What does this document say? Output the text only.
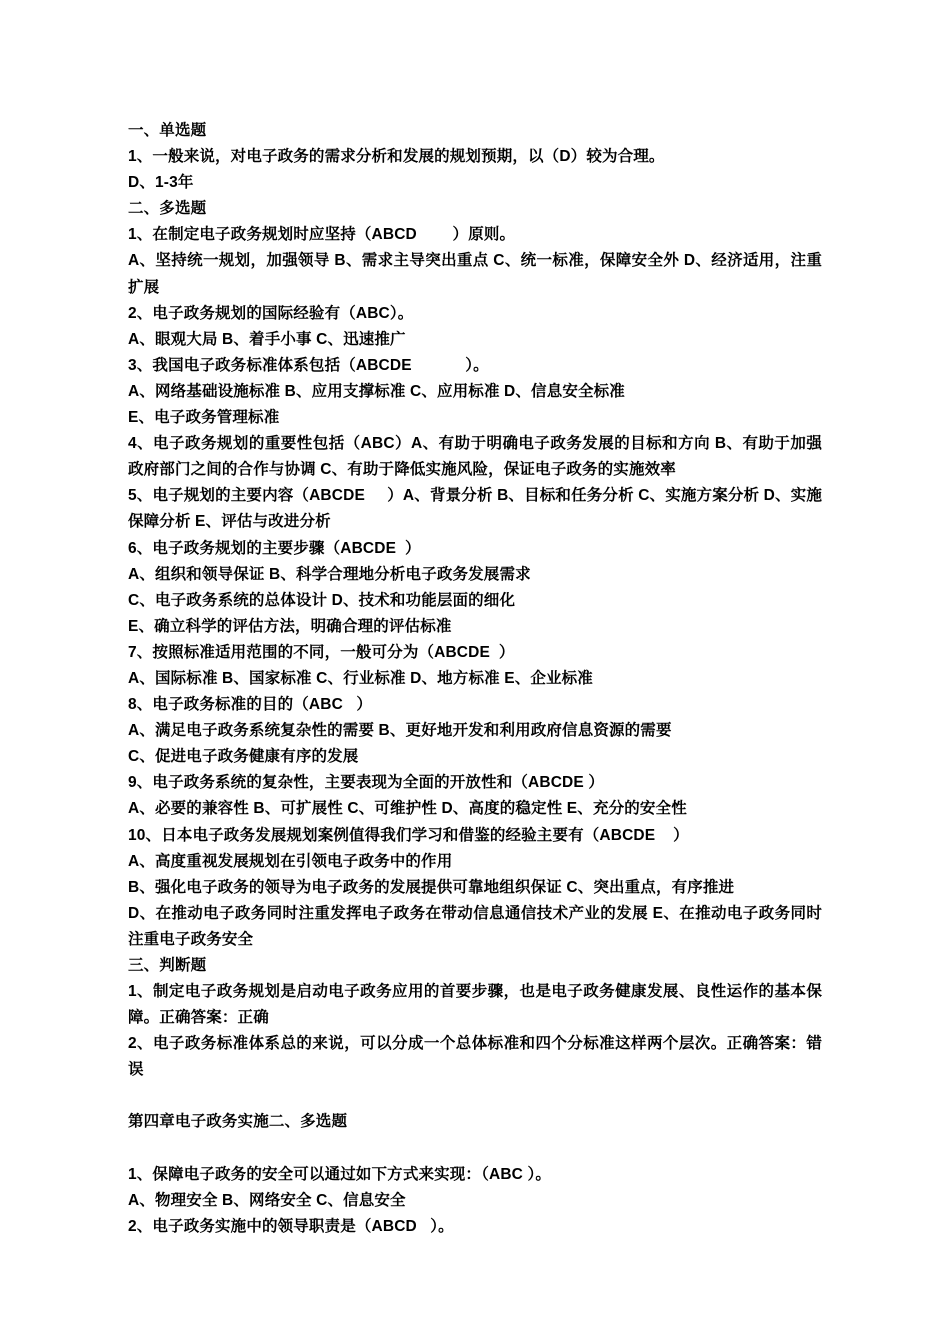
一、单选题
1、一般来说，对电子政务的需求分析和发展的规划预期，以（D）较为合理。
D、1-3年
二、多选题
1、在制定电子政务规划时应坚持（ABCD        ）原则。
A、坚持统一规划，加强领导 B、需求主导突出重点 C、统一标准，保障安全外 D、经济适用，注重扩展
2、电子政务规划的国际经验有（ABC）。
A、眼观大局 B、着手小事 C、迅速推广
3、我国电子政务标准体系包括（ABCDE            ）。
A、网络基础设施标准 B、应用支撑标准 C、应用标准 D、信息安全标准
E、电子政务管理标准
4、电子政务规划的重要性包括（ABC）A、有助于明确电子政务发展的目标和方向 B、有助于加强政府部门之间的合作与协调 C、有助于降低实施风险，保证电子政务的实施效率
5、电子规划的主要内容（ABCDE     ）A、背景分析 B、目标和任务分析 C、实施方案分析 D、实施保障分析 E、评估与改进分析
6、电子政务规划的主要步骤（ABCDE  ）
A、组织和领导保证 B、科学合理地分析电子政务发展需求
C、电子政务系统的总体设计 D、技术和功能层面的细化
E、确立科学的评估方法，明确合理的评估标准
7、按照标准适用范围的不同，一般可分为（ABCDE  ）
A、国际标准 B、国家标准 C、行业标准 D、地方标准 E、企业标准
8、电子政务标准的目的（ABC   ）
A、满足电子政务系统复杂性的需要 B、更好地开发和利用政府信息资源的需要
C、促进电子政务健康有序的发展
9、电子政务系统的复杂性，主要表现为全面的开放性和（ABCDE ）
A、必要的兼容性 B、可扩展性 C、可维护性 D、高度的稳定性 E、充分的安全性
10、日本电子政务发展规划案例值得我们学习和借鉴的经验主要有（ABCDE    ）
A、高度重视发展规划在引领电子政务中的作用
B、强化电子政务的领导为电子政务的发展提供可靠地组织保证 C、突出重点，有序推进
D、在推动电子政务同时注重发挥电子政务在带动信息通信技术产业的发展 E、在推动电子政务同时注重电子政务安全
三、判断题
1、制定电子政务规划是启动电子政务应用的首要步骤，也是电子政务健康发展、良性运作的基本保障。正确答案：正确
2、电子政务标准体系总的来说，可以分成一个总体标准和四个分标准这样两个层次。正确答案：错误
第四章电子政务实施二、多选题
1、保障电子政务的安全可以通过如下方式来实现：（ABC ）。
A、物理安全 B、网络安全 C、信息安全
2、电子政务实施中的领导职责是（ABCD   ）。
